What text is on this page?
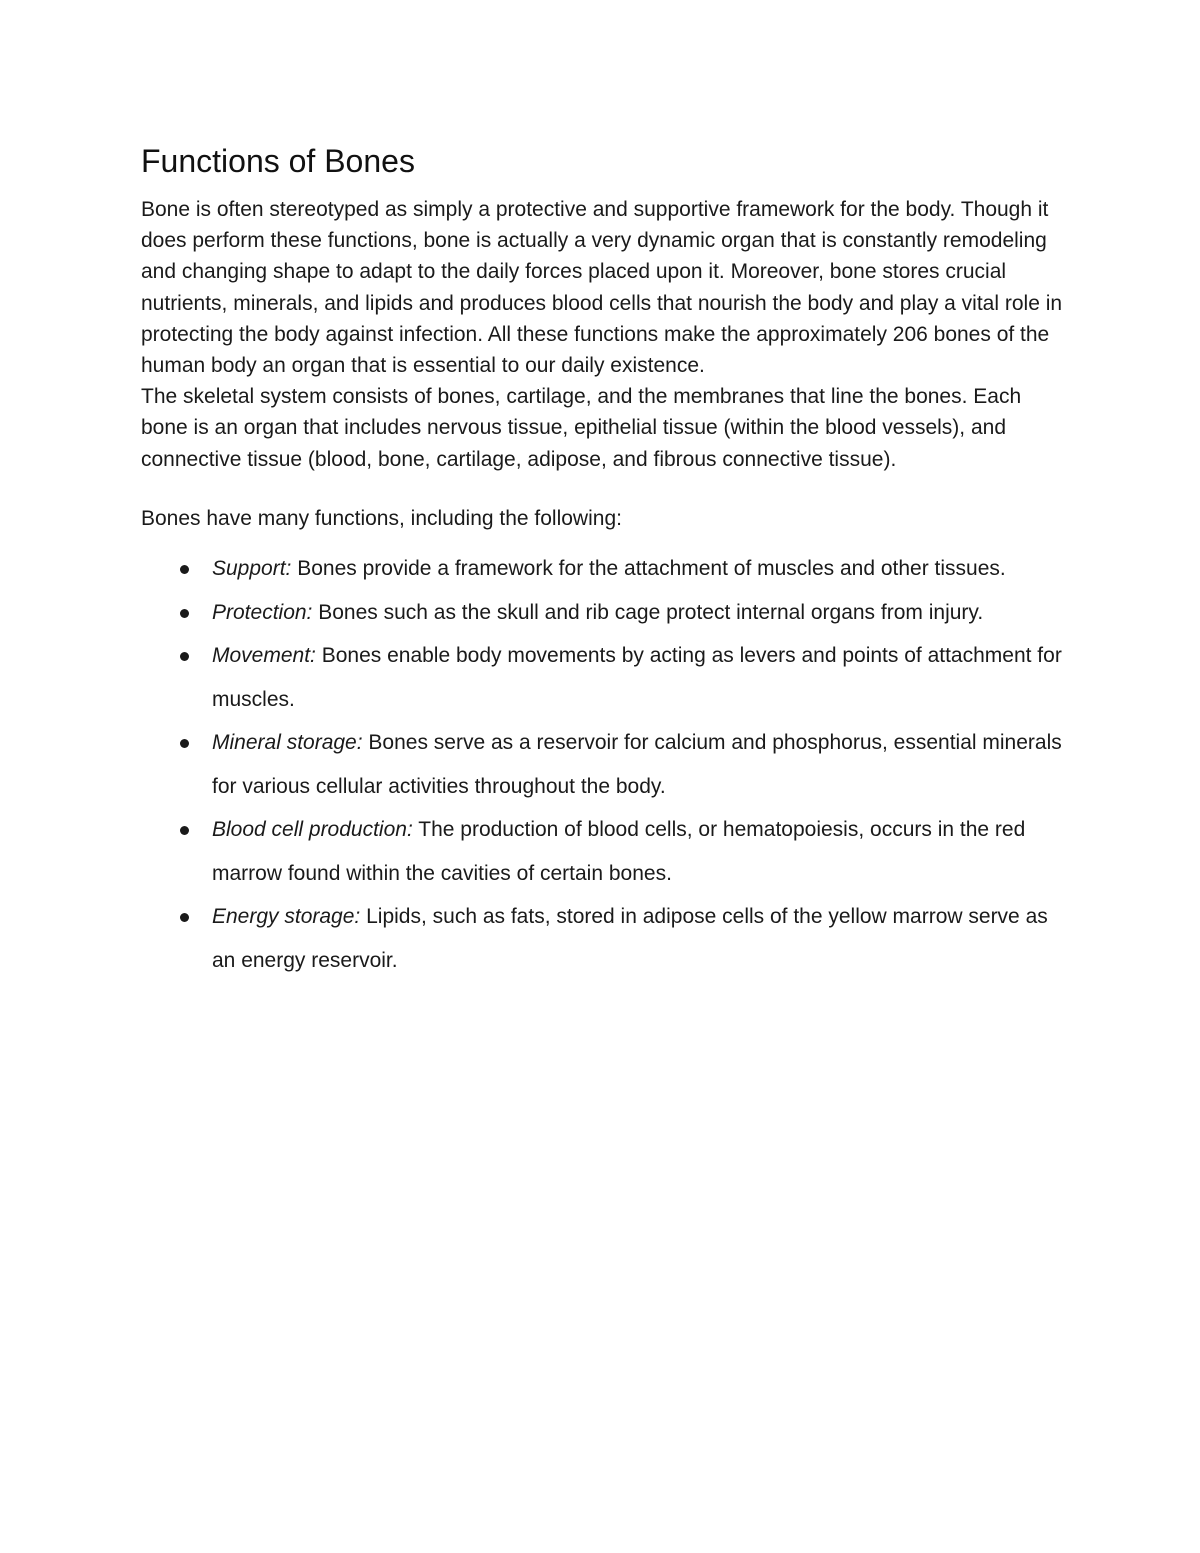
Functions of Bones

Bone is often stereotyped as simply a protective and supportive framework for the body. Though it does perform these functions, bone is actually a very dynamic organ that is constantly remodeling and changing shape to adapt to the daily forces placed upon it. Moreover, bone stores crucial nutrients, minerals, and lipids and produces blood cells that nourish the body and play a vital role in protecting the body against infection. All these functions make the approximately 206 bones of the human body an organ that is essential to our daily existence.

The skeletal system consists of bones, cartilage, and the membranes that line the bones. Each bone is an organ that includes nervous tissue, epithelial tissue (within the blood vessels), and connective tissue (blood, bone, cartilage, adipose, and fibrous connective tissue).

Bones have many functions, including the following:

Support: Bones provide a framework for the attachment of muscles and other tissues.
Protection: Bones such as the skull and rib cage protect internal organs from injury.
Movement: Bones enable body movements by acting as levers and points of attachment for muscles.
Mineral storage: Bones serve as a reservoir for calcium and phosphorus, essential minerals for various cellular activities throughout the body.
Blood cell production: The production of blood cells, or hematopoiesis, occurs in the red marrow found within the cavities of certain bones.
Energy storage: Lipids, such as fats, stored in adipose cells of the yellow marrow serve as an energy reservoir.
